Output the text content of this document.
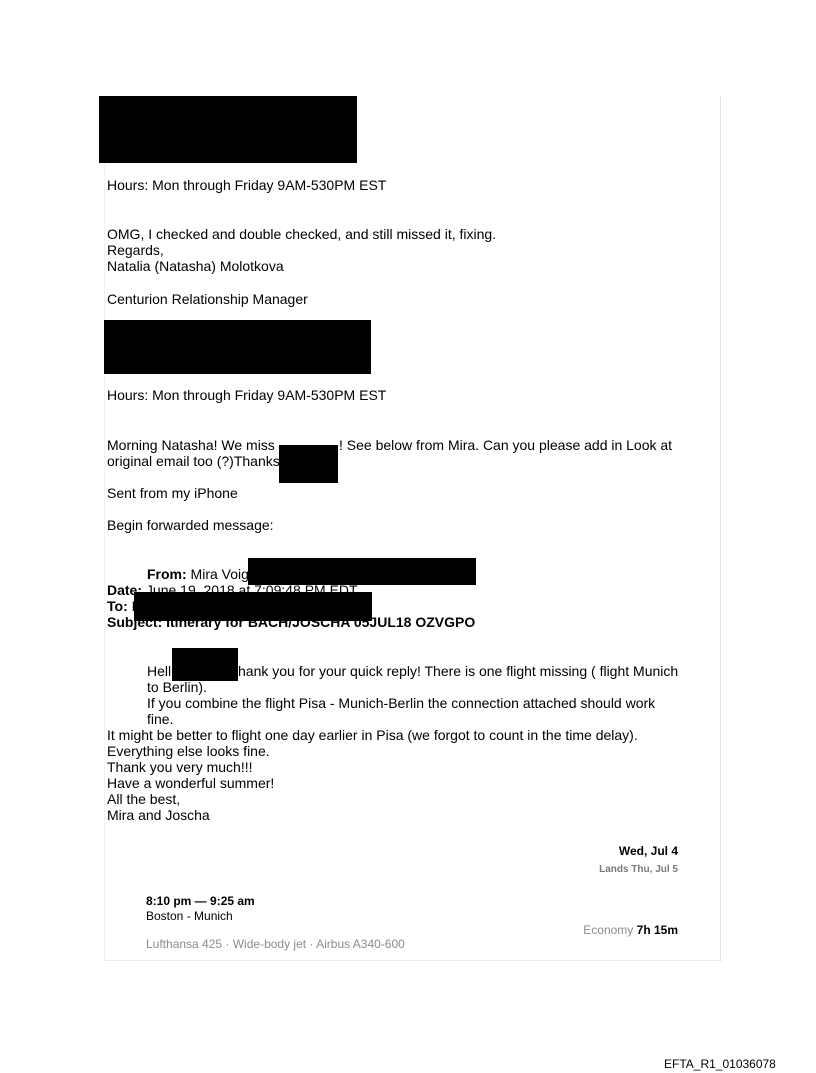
Hours: Mon through Friday 9AM-530PM EST
OMG, I checked and double checked, and still missed it, fixing.
Regards,
Natalia (Natasha) Molotkova
Centurion Relationship Manager
Hours: Mon through Friday 9AM-530PM EST
Morning Natasha! We miss	! See below from Mira. Can you please add in Look at
original email too (?)Thanks
Sent from my iPhone
Begin forwarded message:
From: Mira Voig
Date: June 19, 2018 at 7:09:48 PM EDT
To: L
Subject: Itinerary for BACH/JOSCHA 05JUL18 OZVGPO
Hell	hank you for your quick reply! There is one flight missing ( flight Munich
to Berlin).
If you combine the flight Pisa - Munich-Berlin the connection attached should work
fine.
It might be better to flight one day earlier in Pisa (we forgot to count in the time delay).
Everything else looks fine.
Thank you very much!!!
Have a wonderful summer!
All the best,
Mira and Joscha
Wed, Jul 4
Lands Thu, Jul 5
8:10 pm — 9:25 am
Boston - Munich
Economy 7h 15m
Lufthansa 425 · Wide-body jet · Airbus A340-600
EFTA_R1_01036078
